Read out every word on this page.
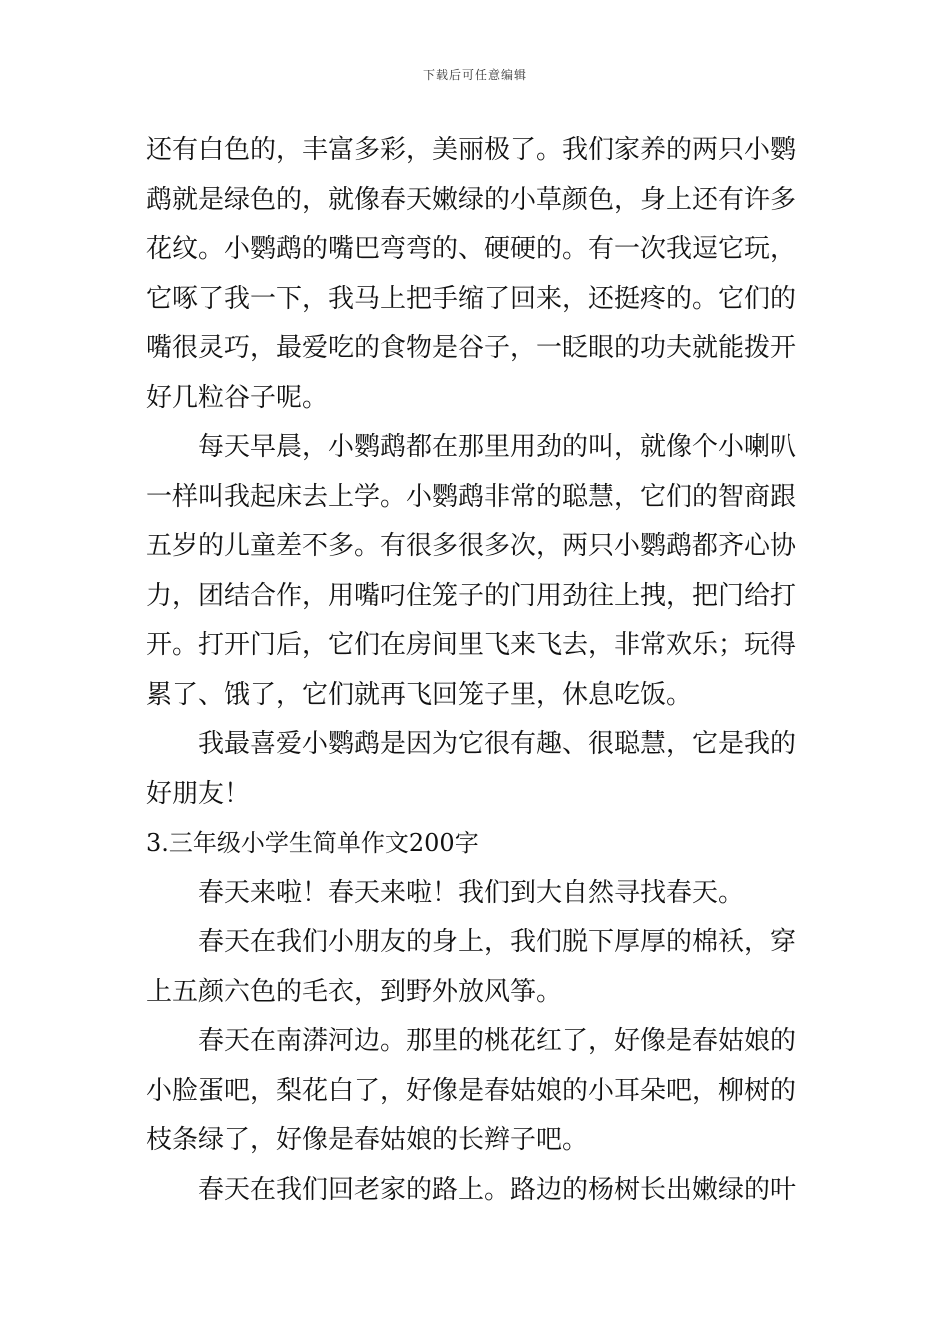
下载后可任意编辑
还有白色的，丰富多彩，美丽极了。我们家养的两只小鹦
鹉就是绿色的，就像春天嫩绿的小草颜色，身上还有许多
花纹。小鹦鹉的嘴巴弯弯的、硬硬的。有一次我逗它玩，
它啄了我一下，我马上把手缩了回来，还挺疼的。它们的
嘴很灵巧，最爱吃的食物是谷子，一眨眼的功夫就能拨开
好几粒谷子呢。
每天早晨，小鹦鹉都在那里用劲的叫，就像个小喇叭
一样叫我起床去上学。小鹦鹉非常的聪慧，它们的智商跟
五岁的儿童差不多。有很多很多次，两只小鹦鹉都齐心协
力，团结合作，用嘴叼住笼子的门用劲往上拽，把门给打
开。打开门后，它们在房间里飞来飞去，非常欢乐；玩得
累了、饿了，它们就再飞回笼子里，休息吃饭。
我最喜爱小鹦鹉是因为它很有趣、很聪慧，它是我的
好朋友！
3.三年级小学生简单作文200字
春天来啦！春天来啦！我们到大自然寻找春天。
春天在我们小朋友的身上，我们脱下厚厚的棉袄，穿
上五颜六色的毛衣，到野外放风筝。
春天在南漭河边。那里的桃花红了，好像是春姑娘的
小脸蛋吧，梨花白了，好像是春姑娘的小耳朵吧，柳树的
枝条绿了，好像是春姑娘的长辫子吧。
春天在我们回老家的路上。路边的杨树长出嫩绿的叶
